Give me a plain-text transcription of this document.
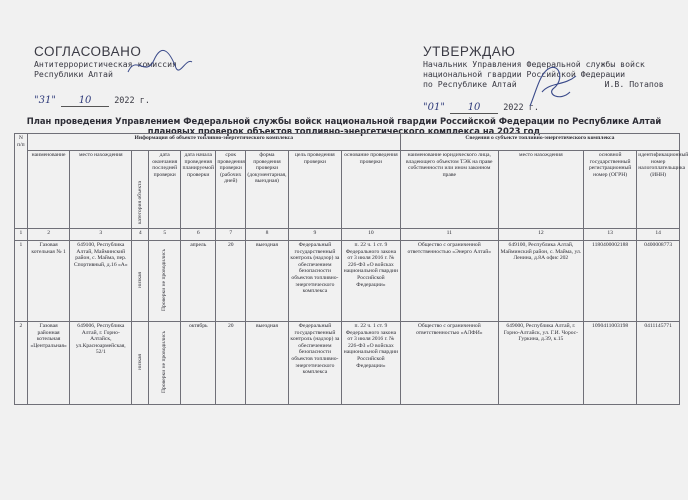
СОГЛАСОВАНО
Антитеррористическая комиссия
Республики Алтай
"31" 10	2022 г.
УТВЕРЖДАЮ
Начальник Управления Федеральной службы войск
национальной гвардии Российской Федерации
по Республике Алтай	И.В. Потапов
"01" 10	2022 г.
План проведения Управлением Федеральной службы войск национальной гвардии Российской Федерации по Республике Алтай
плановых проверок объектов топливно-энергетического комплекса на 2023 год
N п/п	Информация об объекте топливно-энергетического комплекса									Сведения о субъекте топливно-энергетического комплекса			
	наименование	место нахождения	категория объекта	дата окончания последней проверки	дата начала проведения планируемой проверки	срок проведения проверки (рабочих дней)	форма проведения проверки (документарная, выездная)	цель проведения проверки	основание проведения проверки	наименование юридического лица, владеющего объектом ТЭК на праве собственности или ином законном праве	место нахождения	основной государственный регистрационный номер (ОГРН)	идентификационный номер налогоплательщика (ИНН)
1	2	3	4	5	6	7	8	9	10	11	12	13	14
1	Газовая котельная № 1	649100, Республика Алтай, Майминский район, с. Майма, пер. Спортивный, д.16 «А»	низкая	Проверки не проводились	апрель	20	выездная	Федеральный государственный контроль (надзор) за обеспечением безопасности объектов топливно-энергетического комплекса	п. 22 ч. 1 ст. 9 Федерального закона от 3 июля 2016 г. № 226-ФЗ «О войсках национальной гвардии Российской Федерации»	Общество с ограниченной ответственностью «Энерго Алтай»	649100, Республика Алтай, Майминский район, с. Майма, ул. Ленина, д.8А офис 202	1180400002188	0400008773
2	Газовая районная котельная «Центральная»	649006, Республика Алтай, г. Горно-Алтайск, ул.Красноармейская, 52/1	низкая	Проверки не проводились	октябрь	20	выездная	Федеральный государственный контроль (надзор) за обеспечением безопасности объектов топливно-энергетического комплекса	п. 22 ч. 1 ст. 9 Федерального закона от 3 июля 2016 г. № 226-ФЗ «О войсках национальной гвардии Российской Федерации»	Общество с ограниченной ответственностью «АЛФИ»	649000, Республика Алтай, г. Горно-Алтайск, ул. Г.И. Чорос-Гуркина, д.39, к.15	1090411003198	0411145771
